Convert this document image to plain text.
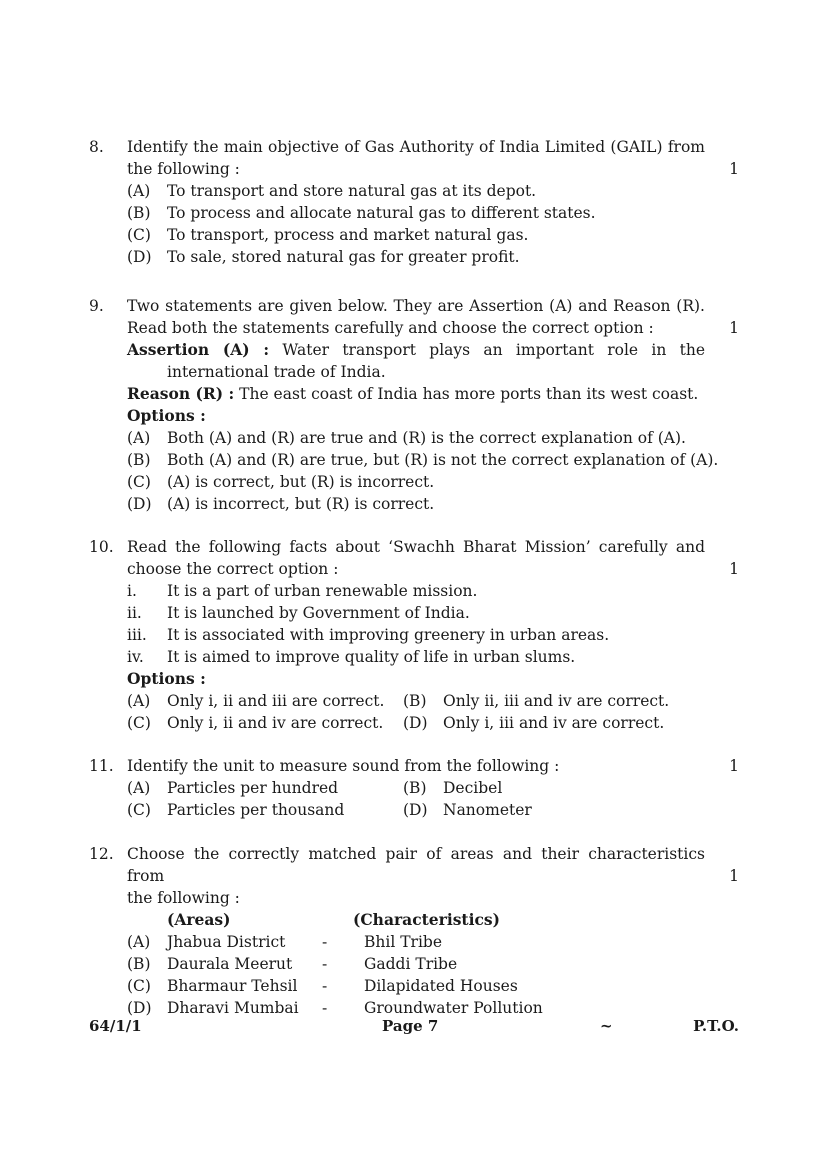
8. Identify the main objective of Gas Authority of India Limited (GAIL) from
the following :
(A)	To transport and store natural gas at its depot.
(B)	To process and allocate natural gas to different states.
(C)	To transport, process and market natural gas.
(D) To sale, stored natural gas for greater profit.
1
9. Two statements are given below. They are Assertion (A) and Reason (R).
Read both the statements carefully and choose the correct option :
Assertion (A) : Water transport plays an important role in the
international trade of India.
Reason (R) : The east coast of India has more ports than its west coast.
Options :
(A)	Both (A) and (R) are true and (R) is the correct explanation of (A).
(B)	Both (A) and (R) are true, but (R) is not the correct explanation of (A).
(C)	(A) is correct, but (R) is incorrect.
(D) (A) is incorrect, but (R) is correct.
1
10. Read the following facts about ‘Swachh Bharat Mission’ carefully and
choose the correct option :
i.	It is a part of urban renewable mission.
ii.	It is launched by Government of India.
iii.	It is associated with improving greenery in urban areas.
iv.	It is aimed to improve quality of life in urban slums.
Options :
(A)	Only i, ii and iii are correct. (B)	Only ii, iii and iv are correct.
(C)	Only i, ii and iv are correct. (D) Only i, iii and iv are correct.
1
11. Identify the unit to measure sound from the following :
(A)	Particles per hundred	(B)	Decibel
(C)	Particles per thousand	(D) Nanometer
1
12. Choose the correctly matched pair of areas and their characteristics from
the following :
(Areas)	(Characteristics)
(A)	Jhabua District	-	Bhil Tribe
(B)	Daurala Meerut	-	Gaddi Tribe
(C)	Bharmaur Tehsil	-	Dilapidated Houses
(D) Dharavi Mumbai	-	Groundwater Pollution
1
64/1/1	Page 7	~	P.T.O.
